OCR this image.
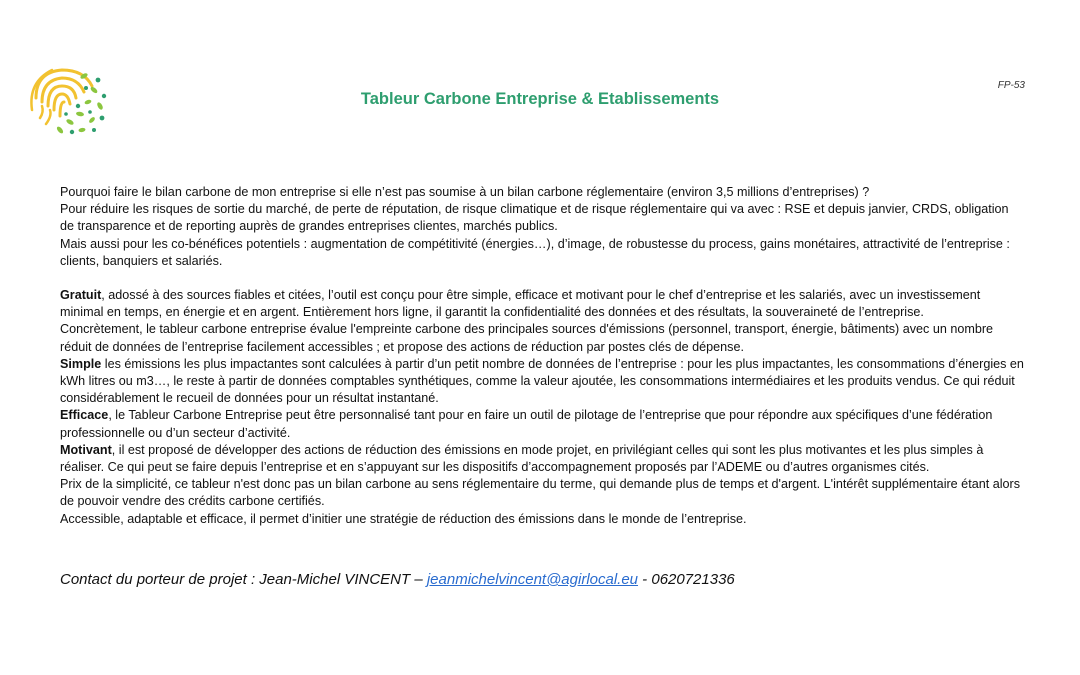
FP-53
Tableur Carbone Entreprise & Etablissements

Pourquoi faire le bilan carbone de mon entreprise si elle n’est pas soumise à un bilan carbone réglementaire (environ 3,5 millions d’entreprises) ?

Pour réduire les risques de sortie du marché, de perte de réputation, de risque climatique et de risque réglementaire qui va avec : RSE et depuis janvier, CRDS, obligation de transparence et de reporting auprès de grandes entreprises clientes, marchés publics.

Mais aussi pour les co-bénéfices potentiels : augmentation de compétitivité (énergies…), d’image, de robustesse du process, gains monétaires, attractivité de l’entreprise : clients, banquiers et salariés.

Gratuit, adossé à des sources fiables et citées, l’outil est conçu pour être simple, efficace et motivant pour le chef d’entreprise et les salariés, avec un investissement minimal en temps, en énergie et en argent. Entièrement hors ligne, il garantit la confidentialité des données et des résultats, la souveraineté de l’entreprise.

Concrètement, le tableur carbone entreprise évalue l'empreinte carbone des principales sources d'émissions (personnel, transport, énergie, bâtiments) avec un nombre réduit de données de l’entreprise facilement accessibles ; et propose des actions de réduction par postes clés de dépense.

Simple les émissions les plus impactantes sont calculées à partir d’un petit nombre de données de l’entreprise : pour les plus impactantes, les consommations d’énergies en kWh litres ou m3…, le reste à partir de données comptables synthétiques, comme la valeur ajoutée, les consommations intermédiaires et les produits vendus. Ce qui réduit considérablement le recueil de données pour un résultat instantané.

Efficace, le Tableur Carbone Entreprise peut être personnalisé tant pour en faire un outil de pilotage de l’entreprise que pour répondre aux spécifiques d’une fédération professionnelle ou d’un secteur d’activité.

Motivant, il est proposé de développer des actions de réduction des émissions en mode projet, en privilégiant celles qui sont les plus motivantes et les plus simples à réaliser. Ce qui peut se faire depuis l’entreprise et en s’appuyant sur les dispositifs d’accompagnement proposés par l’ADEME ou d’autres organismes cités.

Prix de la simplicité, ce tableur n'est donc pas un bilan carbone au sens réglementaire du terme, qui demande plus de temps et d'argent. L'intérêt supplémentaire étant alors de pouvoir vendre des crédits carbone certifiés.

Accessible, adaptable et efficace, il permet d’initier une stratégie de réduction des émissions dans le monde de l’entreprise.

Contact du porteur de projet : Jean-Michel VINCENT – jeanmichelvincent@agirlocal.eu - 0620721336
